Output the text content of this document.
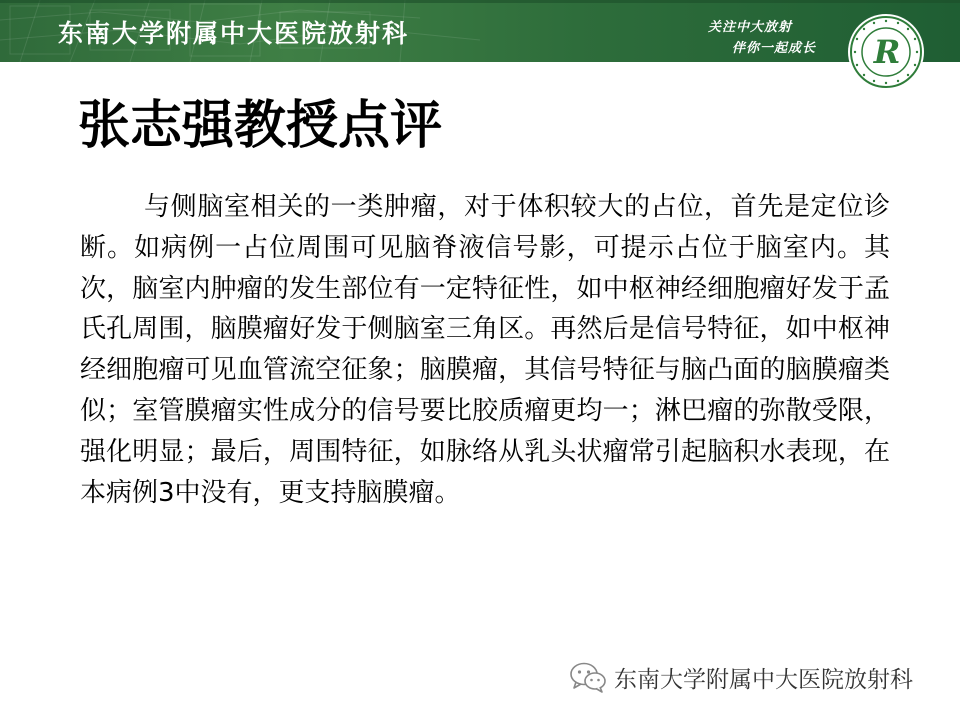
东南大学附属中大医院放射科	关注中大放射
伴你一起成长 R
张志强教授点评

与侧脑室相关的一类肿瘤，对于体积较大的占位，首先是定位诊断。如病例一占位周围可见脑脊液信号影，可提示占位于脑室内。其次，脑室内肿瘤的发生部位有一定特征性，如中枢神经细胞瘤好发于孟氏孔周围，脑膜瘤好发于侧脑室三角区。再然后是信号特征，如中枢神经细胞瘤可见血管流空征象；脑膜瘤，其信号特征与脑凸面的脑膜瘤类似；室管膜瘤实性成分的信号要比胶质瘤更均一；淋巴瘤的弥散受限，强化明显；最后，周围特征，如脉络从乳头状瘤常引起脑积水表现，在本病例3中没有，更支持脑膜瘤。

东南大学附属中大医院放射科
